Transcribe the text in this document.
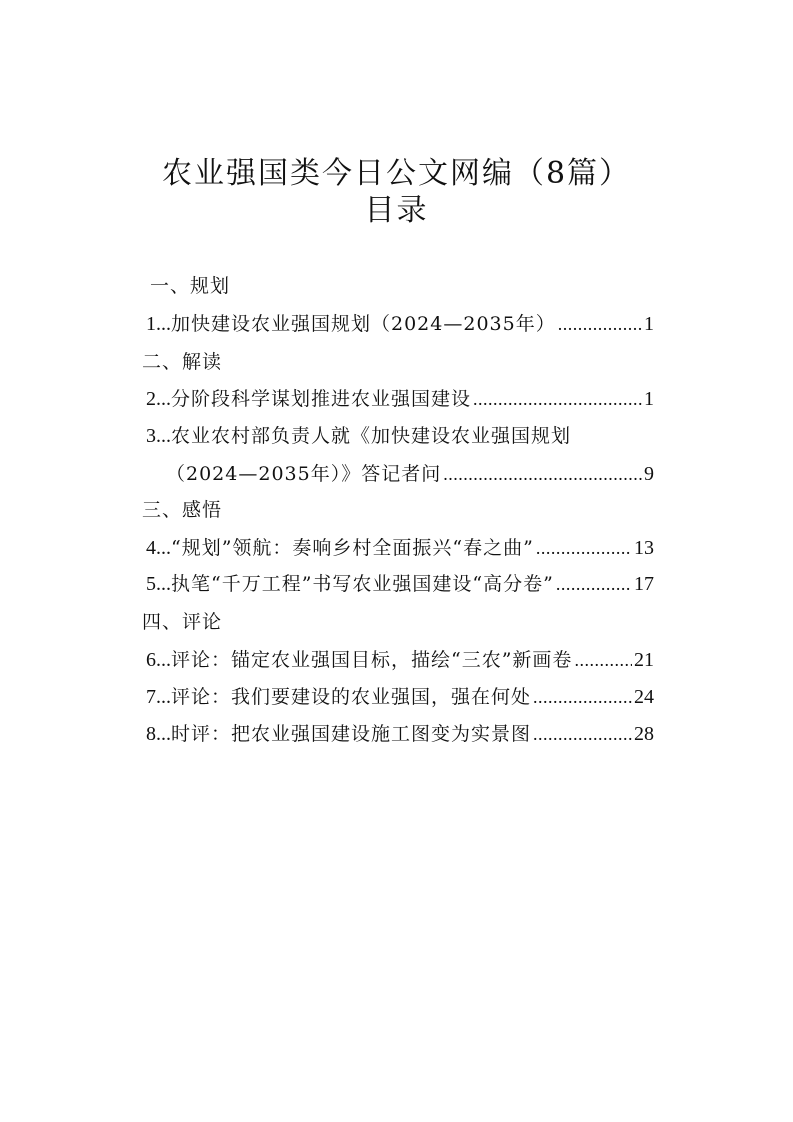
农业强国类今日公文网编（8篇）
目录
一、规划
1... 加快建设农业强国规划（2024—2035年） .....	1
二、解读
2... 分阶段科学谋划推进农业强国建设 .....	1
3... 农业农村部负责人就《加快建设农业强国规划
（2024—2035年）》答记者问 .....	9
三、感悟
4... “规划”领航：奏响乡村全面振兴“春之曲” .....	13
5... 执笔“千万工程”书写农业强国建设“高分卷” .....	17
四、评论
6... 评论：锚定农业强国目标，描绘“三农”新画卷 .....	21
7... 评论：我们要建设的农业强国，强在何处 .....	24
8... 时评：把农业强国建设施工图变为实景图 .....	28
